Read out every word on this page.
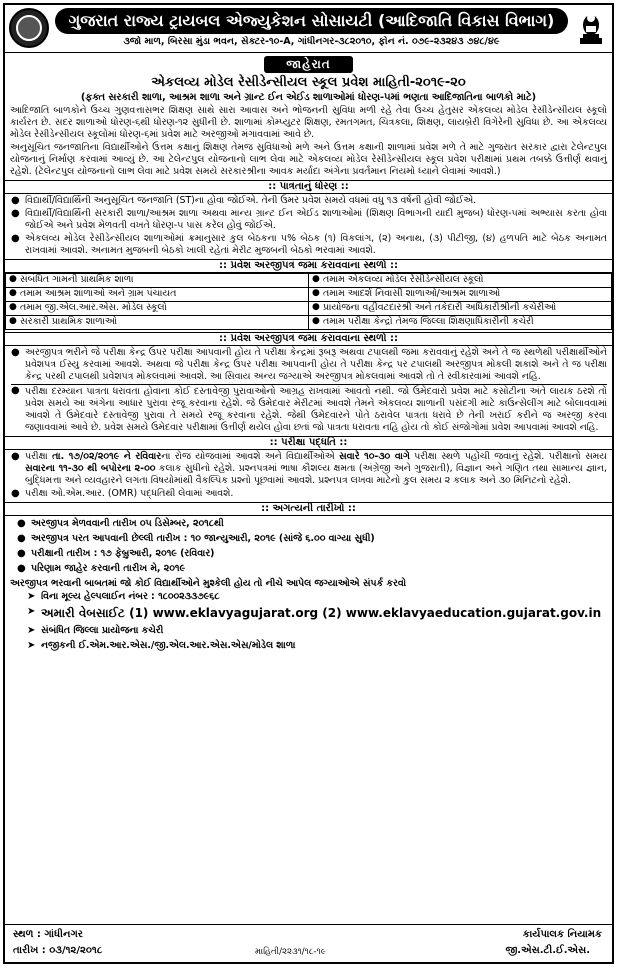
ગુજરાત રાજ્ય ટ્રાયબલ એજ્યુકેશન સોસાયટી (આદિજાતિ વિકાસ વિભાગ)
૩જો માળ, બિરસા મુંડા ભવન, સેક્ટર-૧૦-A, ગાંધીનગર-૩૮૨૦૧૦, ફોન નં. ૦૭૯-૨૩૨૪૩ ૭૪૮/૪૯
જાહેરાત
એકલવ્ય મોડેલ રેસીડેન્સીયલ સ્કૂલ પ્રવેશ માહિતી-૨૦૧૯-૨૦
(ફક્ત સરકારી શાળા, આશ્રમ શાળા અને ગ્રાન્ટ ઈન એઈડ શાળાઓમાં ધોરણ-૫માં ભણતા આદિજાતિના બાળકો માટે)

આદિજાતિ બાળકોને ઉચ્ચ ગુણવત્તાસભર શિક્ષણ સાથે સારા આવાસ અને ભોજનની સુવિધા મળી રહે તેવા ઉચ્ચ હેતુસર એકલવ્ય મોડેલ રેસીડેન્સીયલ સ્કૂલો કાર્યરત છે. સદર શાળાઓ ધોરણ-૬થી ધોરણ-૧૨ સુધીની છે. શાળામાં કોમ્પ્યુટર શિક્ષણ, રમતગમત, ચિત્રકલા, શિક્ષણ, લાયબ્રેરી વિગેરેની સુવિધા છે. આ એકલવ્ય મોડેલ રેસીડેન્સીયલ સ્કૂલોમાં ધોરણ-૬માં પ્રવેશ માટે અરજીઓ મંગાવવામાં આવે છે.

અનુસૂચિત જનજાતિના વિદ્યાર્થીઓને ઉત્તમ કક્ષાનું શિક્ષણ તેમજ સુવિધાઓ મળે અને ઉત્તમ કક્ષાની શાળામાં પ્રવેશ મળે તે માટે ગુજરાત સરકાર દ્વારા ટેલેન્ટપુલ યોજનાનું નિર્માણ કરવામાં આવ્યું છે. આ ટેલેન્ટપુલ યોજનાનો લાભ લેવા માટે એકલવ્ય મોડેલ રેસીડેન્સીયલ સ્કૂલ પ્રવેશ પરીક્ષામાં પ્રથમ તબક્કે ઉત્તીર્ણ થવાનું રહેશે. (ટેલેન્ટપુલ યોજનાનો લાભ લેવા માટે પ્રવેશ સમયે સરકારશ્રીના આવક મર્યાદા અંગેના પ્રવર્તમાન નિયમો ધ્યાને લેવામાં આવશે.)

:: પાત્રતાનું ધોરણ ::
● વિદ્યાર્થી/વિદ્યાર્થિની અનુસૂચિત જનજાતિ (ST)ના હોવા જોઈએ. તેની ઉંમર પ્રવેશ સમયે વધમાં વધુ ૧૩ વર્ષની હોવી જોઈએ.
● વિદ્યાર્થી/વિદ્યાર્થિની સરકારી શાળા/આશ્રમ શાળા અથવા માન્ય ગ્રાન્ટ ઈન એઈડ શાળાઓમાં (શિક્ષણ વિભાગની યાદી મુજબ) ધોરણ-૫માં અભ્યાસ કરતા હોવા જોઈએ અને પ્રવેશ મેળવતી વખતે ધોરણ-૫ પાસ કરેલ હોવું જોઈએ.
● એકલવ્ય મોડેલ રેસીડેન્સીયલ શાળાઓમાં ક્રમાનુસાર કુલ બેઠકના ૫% બેઠક (૧) વિકલાંગ, (૨) અનાથ, (૩) પીટીજી, (૪) હળપતિ માટે બેઠક અનામત રાખવામાં આવશે. અનામત મુજબની બેઠકો ખાલી રહેતાં મેરીટ મુજબની બેઠકો ભરવામાં આવશે.
:: પ્રવેશ અરજીપત્ર જમા કરાવવાના સ્થળો ::
● સંબંધિત ગામની પ્રાથમિક શાળા	● તમામ એકલવ્ય મોડેલ રેસીડેન્સીયલ સ્કૂલો
● તમામ આશ્રમ શાળાઓ અને ગ્રામ પંચાયત	● તમામ આદર્શ નિવાસી શાળાઓ/આશ્રમ શાળાઓ
● તમામ જી.એલ.આર.એસ. મોડેલ સ્કૂલો	● પ્રાયોજના વહીવટદારશ્રી અને તકેદારી અધિકારીશ્રીની કચેરીઓ
● સરકારી પ્રાથમિક શાળાઓ	● તમામ પરીક્ષા કેન્દ્રો તેમજ જિલ્લા શિક્ષણાધિકારીની કચેરી
:: પ્રવેશ અરજીપત્ર જમા કરાવવાના સ્થળો ::
● અરજીપત્ર ભરીને જે પરીક્ષા કેન્દ્ર ઉપર પરીક્ષા આપવાની હોય તે પરીક્ષા કેન્દ્રમાં રૂબરૂ અથવા ટપાલથી જમા કરાવવાનું રહેશે અને તે જ સ્થળેથી પરીક્ષાર્થીઓને પ્રવેશપત્ર ઈસ્યુ કરવામાં આવશે. અથવા જે પરીક્ષા કેન્દ્ર ઉપર પરીક્ષા આપવાની હોય તે પરીક્ષા કેન્દ્ર પર ટપાલથી અરજીપત્ર મોકલી શકાશે અને તે જ પરીક્ષા કેન્દ્ર પરથી ટપાલથી પ્રવેશપત્ર મોકલવામાં આવશે. આ સિવાય અન્ય જગ્યાએ અરજીપત્ર મોકલવામાં આવશે તો તે સ્વીકારવામાં આવશે નહિ.
● પરીક્ષા દરમ્યાન પાત્રતા ધરાવતા હોવાના કોઈ દસ્તાવેજી પુરાવાઓનો આગ્રહ રાખવામાં આવતો નથી. જો ઉમેદવારો પ્રવેશ માટે કસોટીના અંતે લાયક ઠરશે તો પ્રવેશ સમયે આ અંગેના આધાર પુરાવા રજૂ કરવાના રહેશે. જે ઉમેદવાર મેરીટમાં આવશે તેમને એકલવ્ય શાળાની પસંદગી માટે કાઉન્સેલીંગ માટે બોલાવવામાં આવશે તે ઉમેદવારે દસ્તાવેજી પુરાવા તે સમયે રજૂ કરવાના રહેશે. જેથી ઉમેદવારને પોતે ઠરાવેલ પાત્રતા ધરાવે છે તેની ખરાઈ કરીને જ અરજી કરવા જણાવવામાં આવે છે. પ્રવેશ સમયે ઉમેદવાર પરીક્ષામાં ઉત્તીર્ણ થયેલ હોવા છતાં જો પાત્રતા ધરાવતા નહિ હોય તો કોઈ સંજોગોમાં પ્રવેશ આપવામાં આવશે નહિ.
:: પરીક્ષા પદ્ધતિ ::
● પરીક્ષા તા. ૧૭/૦૨/૨૦૧૯ ને રવિવારના રોજ યોજવામાં આવશે અને વિદ્યાર્થીઓએ સવારે ૧૦-૩૦ વાગે પરીક્ષા સ્થળે પહોંચી જવાનું રહેશે. પરીક્ષાનો સમય સવારના ૧૧-૩૦ થી બપોરના ૨-૦૦ કલાક સુધીનો રહેશે. પ્રશ્નપત્રમાં ભાષા કૌશલ્ય ક્ષમતા (અંગ્રેજી અને ગુજરાતી), વિજ્ઞાન અને ગણિત તથા સામાન્ય જ્ઞાન, બુદ્ધિમત્તા અને વ્યવહારને લગતા વિષયોમાંથી વૈકલ્પિક પ્રશ્નો પૂછવામાં આવશે. પ્રશ્નપત્ર લખવા માટેનો કુલ સમય ૨ કલાક અને ૩૦ મિનિટનો રહેશે.
● પરીક્ષા ઓ.એમ.આર. (OMR) પદ્ધતિથી લેવામાં આવશે.
:: અગત્યની તારીખો ::
● અરજીપત્ર મેળવવાની તારીખ ૦૫ ડિસેમ્બર, ૨૦૧૮થી
● અરજીપત્ર પરત આપવાની છેલ્લી તારીખ : ૧૦ જાન્યુઆરી, ૨૦૧૯ (સાંજે ૬.૦૦ વાગ્યા સુધી)
● પરીક્ષાની તારીખ : ૧૭ ફેબ્રુઆરી, ૨૦૧૯ (રવિવાર)
● પરિણામ જાહેર કરવાની તારીખ મે, ૨૦૧૯
અરજીપત્ર ભરવાની બાબતમાં જો કોઈ વિદ્યાર્થીઓને મુશ્કેલી હોય તો નીચે આપેલ જગ્યાઓએ સંપર્ક કરવો
➤ વિના મૂલ્ય હેલ્પલાઈન નંબર : ૧૮૦૦૨૩૩૭૯૬૮
➤ અમારી વેબસાઈટ (1) www.eklavyagujarat.org (2) www.eklavyaeducation.gujarat.gov.in
➤ સંબંધિત જિલ્લા પ્રાયોજના કચેરી
➤ નજીકની ઈ.એમ.આર.એસ./જી.એલ.આર.એસ.એસ/મોડેલ શાળા
સ્થળ : ગાંધીનગર
તારીખ : ૦૩/૧૨/૨૦૧૮	માહિતી/૨૨૩૧/૧૮-૧૯
કાર્યપાલક નિયામક
જી.એસ.ટી.ઈ.એસ.
